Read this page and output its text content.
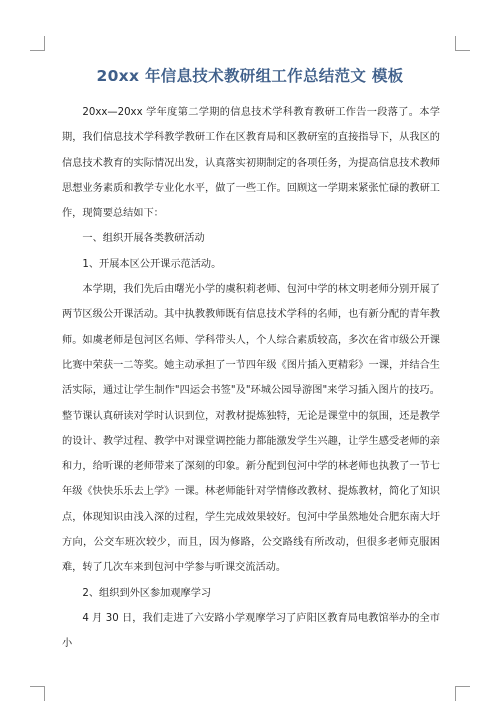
20xx 年信息技术教研组工作总结范文 模板

20xx—20xx 学年度第二学期的信息技术学科教育教研工作告一段落了。本学期，我们信息技术学科教学教研工作在区教育局和区教研室的直接指导下，从我区的信息技术教育的实际情况出发，认真落实初期制定的各项任务，为提高信息技术教师思想业务素质和教学专业化水平，做了一些工作。回顾这一学期来紧张忙碌的教研工作，现简要总结如下：

一、组织开展各类教研活动

1、开展本区公开课示范活动。

本学期，我们先后由曙光小学的虞积莉老师、包河中学的林文明老师分别开展了两节区级公开课活动。其中执教教师既有信息技术学科的名师，也有新分配的青年教师。如虞老师是包河区名师、学科带头人，个人综合素质较高，多次在省市级公开课比赛中荣获一二等奖。她主动承担了一节四年级《图片插入更精彩》一课，并结合生活实际，通过让学生制作"四运会书签"及"环城公园导游图"来学习插入图片的技巧。整节课认真研读对学时认识到位，对教材提炼独特，无论是课堂中的氛围，还是教学的设计、教学过程、教学中对课堂调控能力都能激发学生兴趣，让学生感受老师的亲和力，给听课的老师带来了深刻的印象。新分配到包河中学的林老师也执教了一节七年级《快快乐乐去上学》一课。林老师能针对学情修改教材、提炼教材，简化了知识点，体现知识由浅入深的过程，学生完成效果较好。包河中学虽然地处合肥东南大圩方向，公交车班次较少，而且，因为修路，公交路线有所改动，但很多老师克服困难，转了几次车来到包河中学参与听课交流活动。

2、组织到外区参加观摩学习

4 月 30 日，我们走进了六安路小学观摩学习了庐阳区教育局电教馆举办的全市小
